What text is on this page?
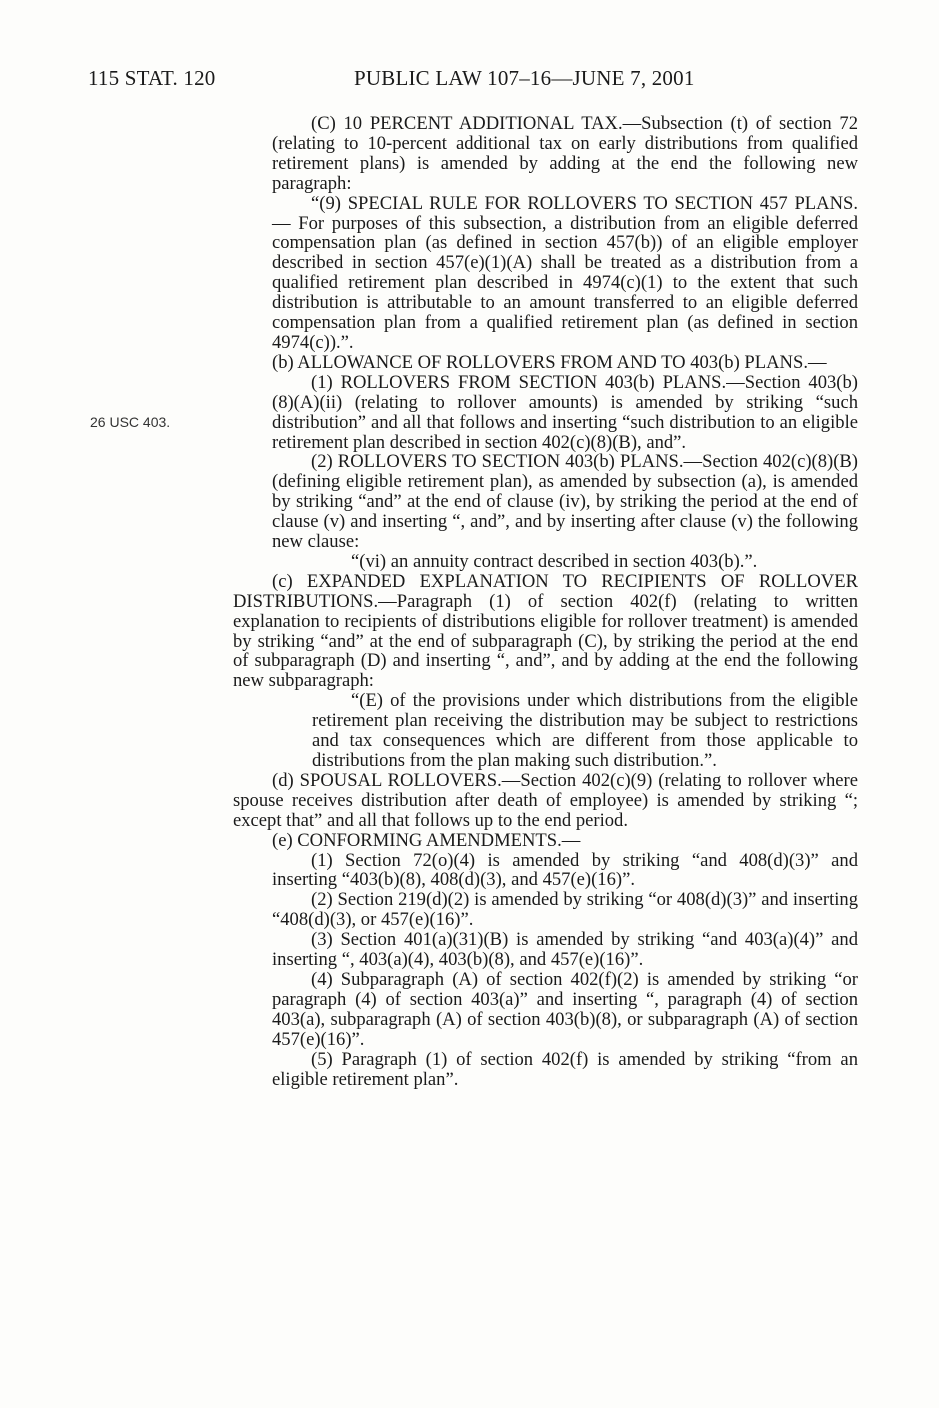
115 STAT. 120	PUBLIC LAW 107–16—JUNE 7, 2001
26 USC 403.

(C) 10 PERCENT ADDITIONAL TAX.—Subsection (t) of section 72 (relating to 10-percent additional tax on early distributions from qualified retirement plans) is amended by adding at the end the following new paragraph:

“(9) SPECIAL RULE FOR ROLLOVERS TO SECTION 457 PLANS.— For purposes of this subsection, a distribution from an eligible deferred compensation plan (as defined in section 457(b)) of an eligible employer described in section 457(e)(1)(A) shall be treated as a distribution from a qualified retirement plan described in 4974(c)(1) to the extent that such distribution is attributable to an amount transferred to an eligible deferred compensation plan from a qualified retirement plan (as defined in section 4974(c)).”.

(b) ALLOWANCE OF ROLLOVERS FROM AND TO 403(b) PLANS.—

(1) ROLLOVERS FROM SECTION 403(b) PLANS.—Section 403(b)(8)(A)(ii) (relating to rollover amounts) is amended by striking “such distribution” and all that follows and inserting “such distribution to an eligible retirement plan described in section 402(c)(8)(B), and”.

(2) ROLLOVERS TO SECTION 403(b) PLANS.—Section 402(c)(8)(B) (defining eligible retirement plan), as amended by subsection (a), is amended by striking “and” at the end of clause (iv), by striking the period at the end of clause (v) and inserting “, and”, and by inserting after clause (v) the following new clause:

“(vi) an annuity contract described in section 403(b).”.

(c) EXPANDED EXPLANATION TO RECIPIENTS OF ROLLOVER DISTRIBUTIONS.—Paragraph (1) of section 402(f) (relating to written explanation to recipients of distributions eligible for rollover treatment) is amended by striking “and” at the end of subparagraph (C), by striking the period at the end of subparagraph (D) and inserting “, and”, and by adding at the end the following new subparagraph:

“(E) of the provisions under which distributions from the eligible retirement plan receiving the distribution may be subject to restrictions and tax consequences which are different from those applicable to distributions from the plan making such distribution.”.

(d) SPOUSAL ROLLOVERS.—Section 402(c)(9) (relating to rollover where spouse receives distribution after death of employee) is amended by striking “; except that” and all that follows up to the end period.

(e) CONFORMING AMENDMENTS.—

(1) Section 72(o)(4) is amended by striking “and 408(d)(3)” and inserting “403(b)(8), 408(d)(3), and 457(e)(16)”.

(2) Section 219(d)(2) is amended by striking “or 408(d)(3)” and inserting “408(d)(3), or 457(e)(16)”.

(3) Section 401(a)(31)(B) is amended by striking “and 403(a)(4)” and inserting “, 403(a)(4), 403(b)(8), and 457(e)(16)”.

(4) Subparagraph (A) of section 402(f)(2) is amended by striking “or paragraph (4) of section 403(a)” and inserting “, paragraph (4) of section 403(a), subparagraph (A) of section 403(b)(8), or subparagraph (A) of section 457(e)(16)”.

(5) Paragraph (1) of section 402(f) is amended by striking “from an eligible retirement plan”.
